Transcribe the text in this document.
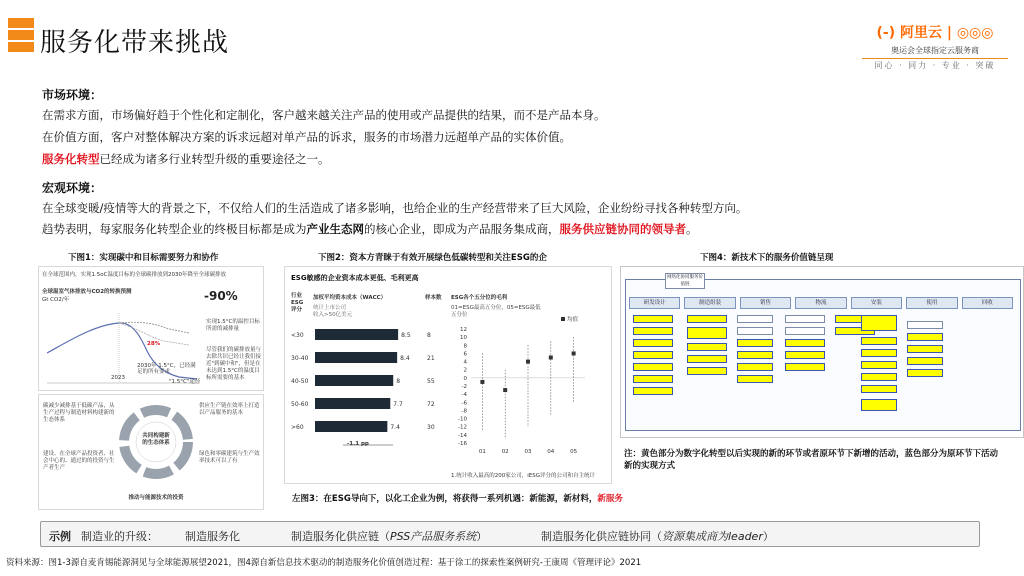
服务化带来挑战	(-) 阿里云 | ◎◎◎
奥运会全球指定云服务商
同心 · 同力 · 专业 · 突破
市场环境：
在需求方面，市场偏好趋于个性化和定制化，客户越来越关注产品的使用或产品提供的结果，而不是产品本身。
在价值方面，客户对整体解决方案的诉求远超对单产品的诉求，服务的市场潜力远超单产品的实体价值。
服务化转型已经成为诸多行业转型升级的重要途径之一。
宏观环境：
在全球变暖/疫情等大的背景之下，不仅给人们的生活造成了诸多影响，也给企业的生产经营带来了巨大风险，企业纷纷寻找各种转型方向。
趋势表明，每家服务化转型企业的终极目标都是成为产业生态网的核心企业，即成为产品服务集成商，服务供应链协同的领导者。
下图1：实现碳中和目标需要努力和协作	下图2：资本方青睐于有效开展绿色低碳转型和关注ESG的企	下图4：新技术下的服务价值链呈现
在全球范围内，实现1.5oC温度目标的全球碳排放到2030年降至全球碳排放
全球温室气体排放与CO2的转换预测
Gt CO2/年	-90%
实现1.5°C的温控目标所需的减排量
尽管我们的碳排放量与去除共识已经让我们接近"到碳中和"，但是在未达到1.5°C的温度目标所需要的基本
28%
2023
2030年 1.5°C，已经满足的所有要求
"1.5°C"途径
共同构建新的生态体系
碳减少减排基于低碳产品，从生产过程与制造材料构建新的生态体系
供应生产链在效率上打造以产品服务的基本
绿色和零碳建筑与生产效率技术可以了有
建设、在全球产品投资者、社会中心的、通过的的投资与生产者生产
推动与能源技术的投资
ESG敏感的企业资本成本更低、毛利更高
行业ESG评分
加权平均资本成本（WACC）
统计上市公司
收入>50亿美元
样本数
<30	8.5	8
30-40	8.4	21
40-50	8	55
50-60	7.7	72
>60	7.4	30
ESG各个五分位的毛利
01=ESG最高五分位，05=ESG最低五分位
均值
12
10
8
6
4
2
0
-2
-4
-6
-8
-10
-12
-14
-16
01	02	03	04	05
-1.1 pp
1.统计收入最高的200家公司，iESG评分的公司和自主统计
左图3：在ESG导向下，以化工企业为例，将获得一系列机遇：新能源，新材料，新服务
网络化协同服务价值链
研发设计	制造组装	销售	物流	安装	使用	回收
注：黄色部分为数字化转型以后实现的新的环节或者原环节下新增的活动，蓝色部分为原环节下活动新的实现方式
示例 制造业的升级： 制造服务化	制造服务化供应链（PSS产品服务系统）	制造服务化供应链协同（资源集成商为leader）
资料来源：图1-3源自麦肯锡能源洞见与全球能源展望2021，图4源自新信息技术驱动的制造服务化价值创造过程：基于徐工的探索性案例研究-王康周《管理评论》2021
